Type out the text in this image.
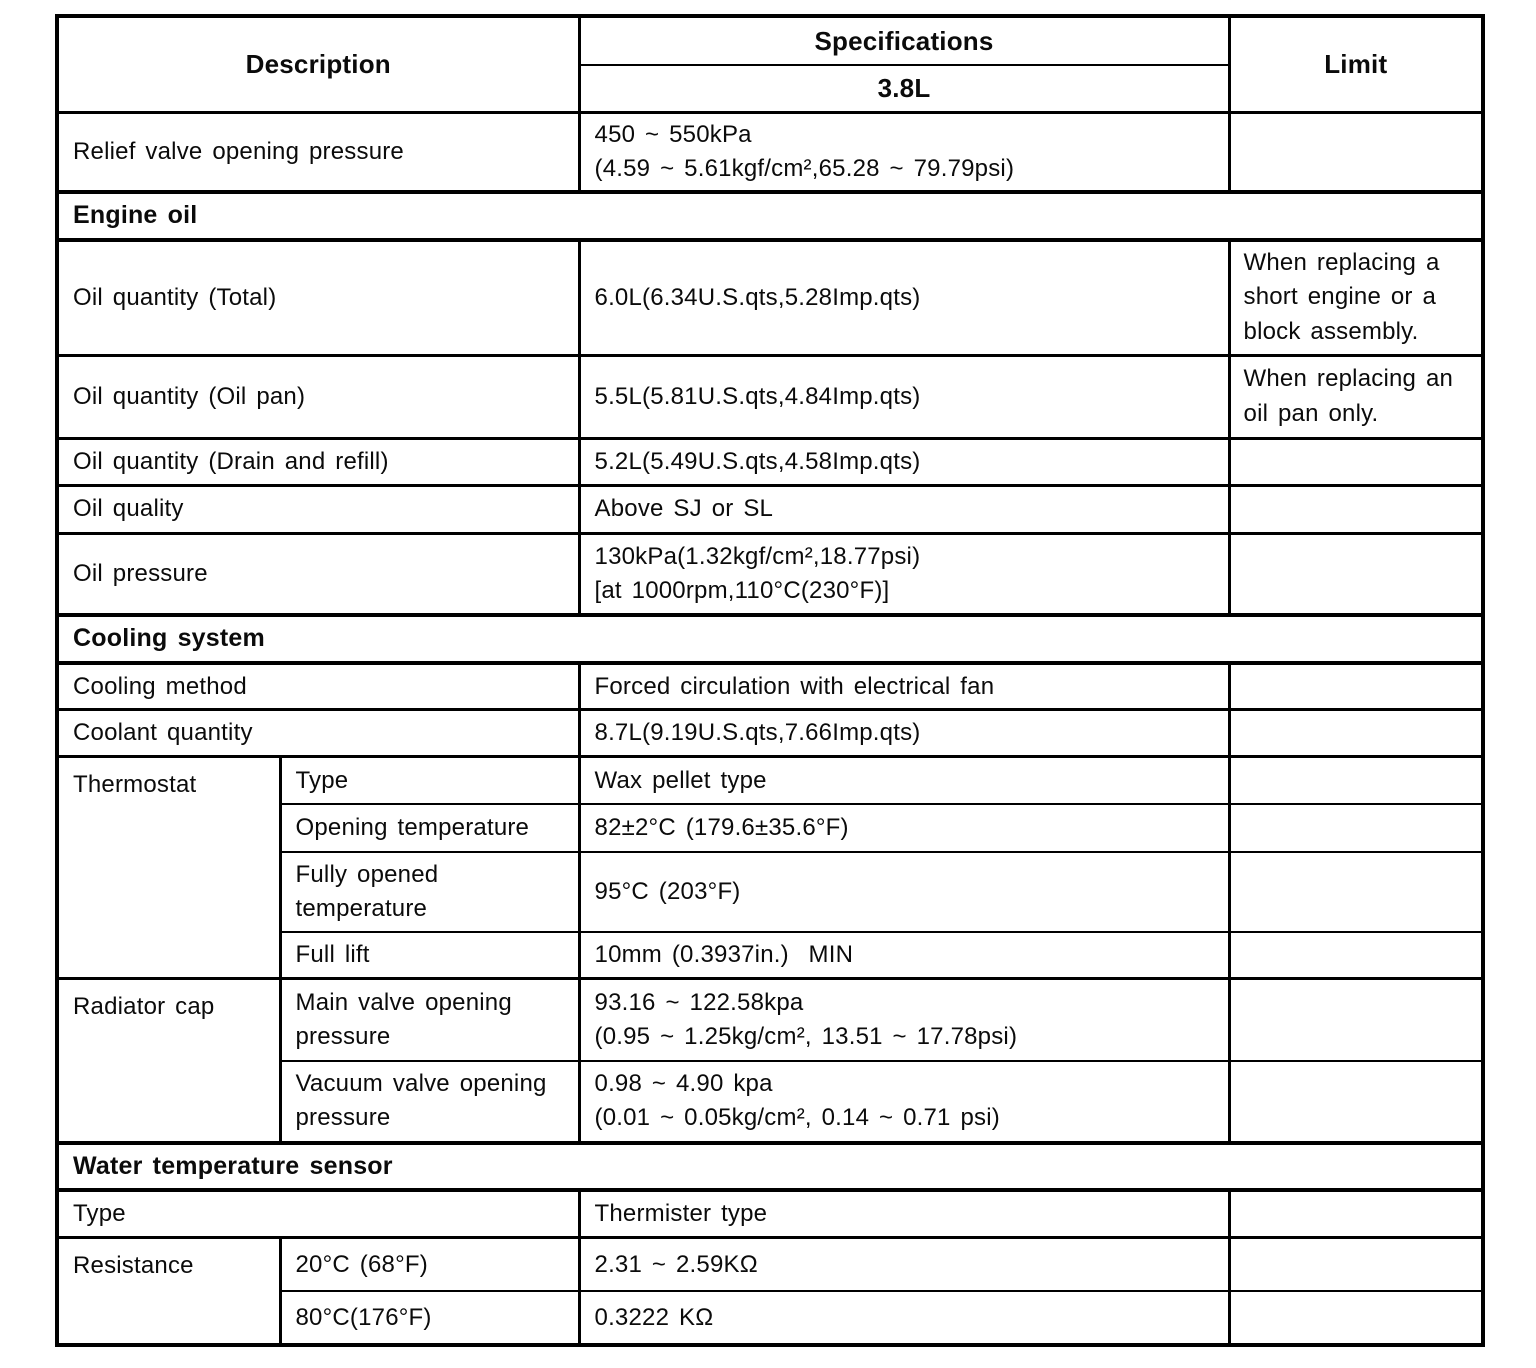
Description		Specifications	Limit
		3.8L	
Relief valve opening pressure		450 ~ 550kPa
(4.59 ~ 5.61kgf/cm²,65.28 ~ 79.79psi)	

Engine oil			
Oil quantity (Total)		6.0L(6.34U.S.qts,5.28Imp.qts)	When replacing a short engine or a block assembly.
Oil quantity (Oil pan)		5.5L(5.81U.S.qts,4.84Imp.qts)	When replacing an oil pan only.
Oil quantity (Drain and refill)		5.2L(5.49U.S.qts,4.58Imp.qts)	

Oil quality		Above SJ or SL	

Oil pressure		130kPa(1.32kgf/cm²,18.77psi)
[at 1000rpm,110°C(230°F)]	

Cooling system			
Cooling method		Forced circulation with electrical fan	

Coolant quantity		8.7L(9.19U.S.qts,7.66Imp.qts)	

Thermostat	Type	Wax pellet type	

	Opening temperature	82±2°C (179.6±35.6°F)	

	Fully opened temperature	95°C (203°F)	

	Full lift	10mm (0.3937in.)  MIN	

Radiator cap	Main valve opening pressure	93.16 ~ 122.58kpa
(0.95 ~ 1.25kg/cm², 13.51 ~ 17.78psi)	

	Vacuum valve opening pressure	0.98 ~ 4.90 kpa
(0.01 ~ 0.05kg/cm², 0.14 ~ 0.71 psi)	

Water temperature sensor			
Type		Thermister type	

Resistance	20°C (68°F)	2.31 ~ 2.59KΩ	

	80°C(176°F)	0.3222 KΩ	
